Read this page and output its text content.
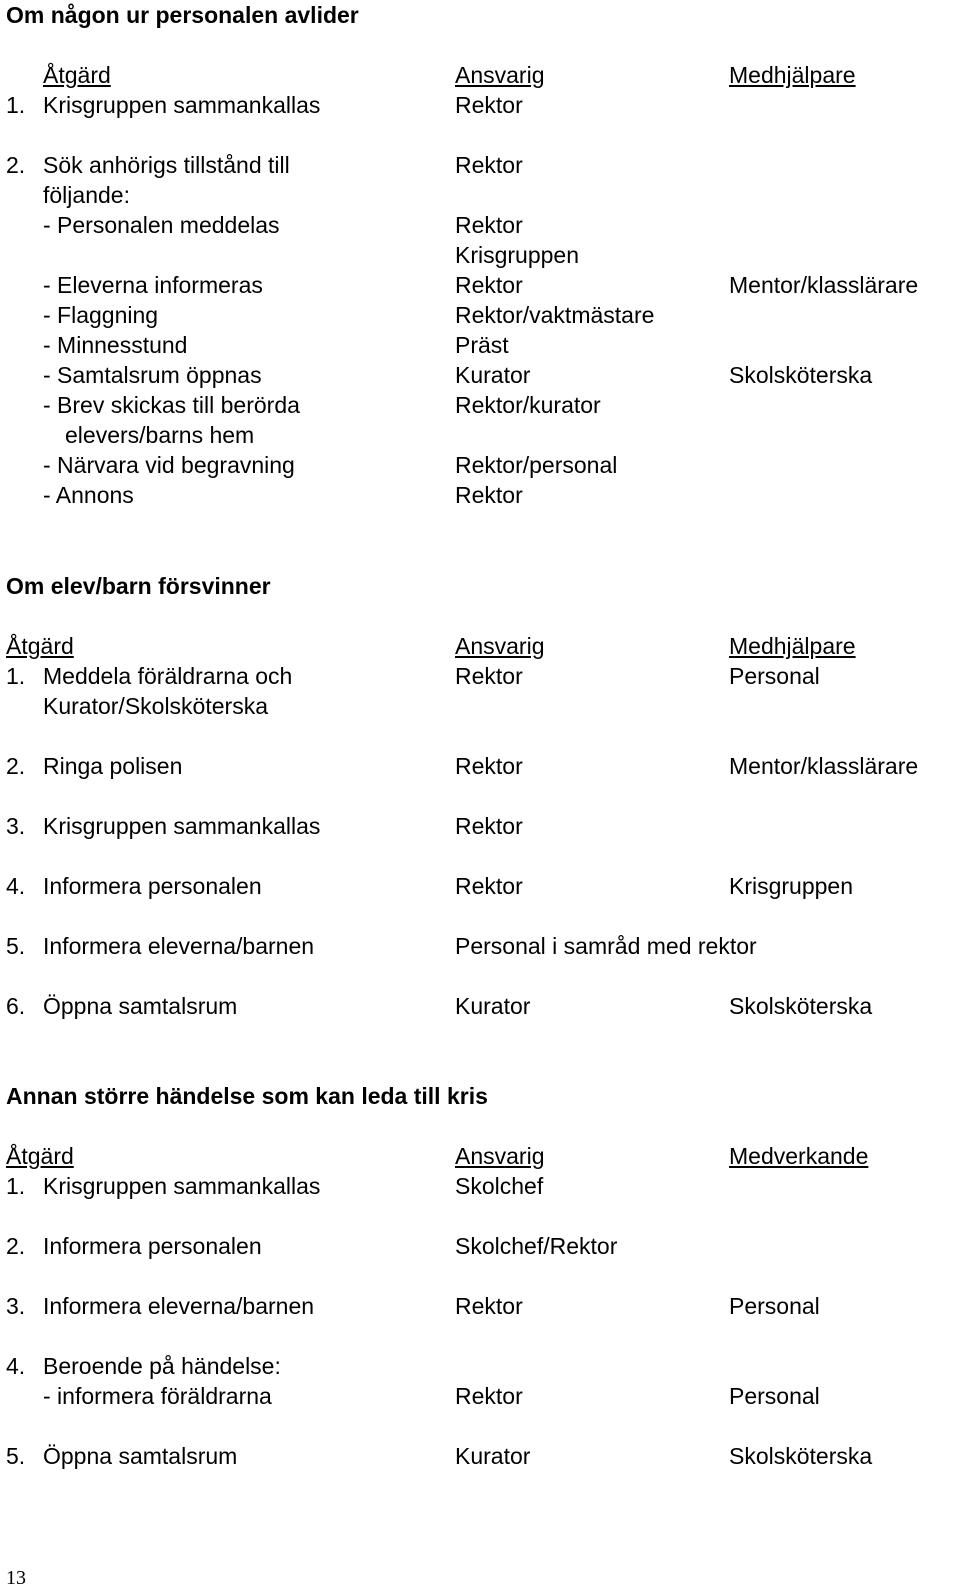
Om någon ur personalen avlider
Åtgärd	Ansvarig	Medhjälpare
1. Krisgruppen sammankallas	Rektor
2. Sök anhörigs tillstånd till	Rektor
följande:
- Personalen meddelas	Rektor
Krisgruppen
- Eleverna informeras	Rektor	Mentor/klasslärare
- Flaggning	Rektor/vaktmästare
- Minnesstund	Präst
- Samtalsrum öppnas	Kurator	Skolsköterska
- Brev skickas till berörda	Rektor/kurator
elevers/barns hem
- Närvara vid begravning	Rektor/personal
- Annons	Rektor
Om elev/barn försvinner
Åtgärd	Ansvarig	Medhjälpare
1. Meddela föräldrarna och	Rektor	Personal
Kurator/Skolsköterska
2. Ringa polisen	Rektor	Mentor/klasslärare
3. Krisgruppen sammankallas	Rektor
4. Informera personalen	Rektor	Krisgruppen
5. Informera eleverna/barnen	Personal i samråd med rektor
6. Öppna samtalsrum	Kurator	Skolsköterska
Annan större händelse som kan leda till kris
Åtgärd	Ansvarig	Medverkande
1. Krisgruppen sammankallas	Skolchef
2. Informera personalen	Skolchef/Rektor
3. Informera eleverna/barnen	Rektor	Personal
4. Beroende på händelse:
- informera föräldrarna	Rektor	Personal
5. Öppna samtalsrum	Kurator	Skolsköterska
13
